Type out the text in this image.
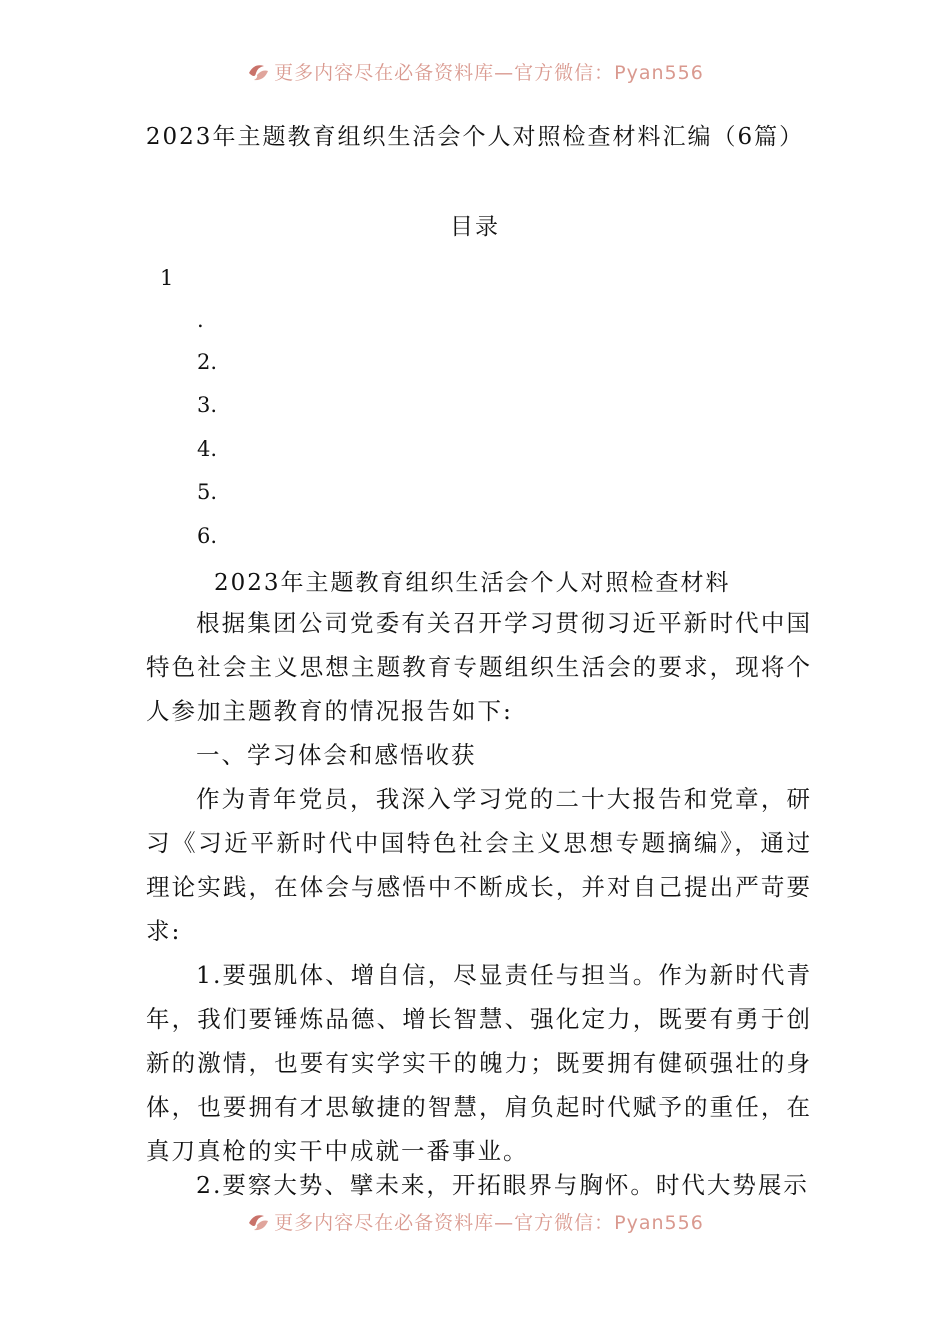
更多内容尽在必备资料库—官方微信：Pyan556
2023年主题教育组织生活会个人对照检查材料汇编（6篇）
目录
1
.
2.
3.
4.
5.
6.
2023年主题教育组织生活会个人对照检查材料

根据集团公司党委有关召开学习贯彻习近平新时代中国特色社会主义思想主题教育专题组织生活会的要求，现将个人参加主题教育的情况报告如下:

一、学习体会和感悟收获

作为青年党员，我深入学习党的二十大报告和党章，研习《习近平新时代中国特色社会主义思想专题摘编》，通过理论实践，在体会与感悟中不断成长，并对自己提出严苛要求:

1.要强肌体、增自信，尽显责任与担当。作为新时代青年，我们要锤炼品德、增长智慧、强化定力，既要有勇于创新的激情，也要有实学实干的魄力；既要拥有健硕强壮的身体，也要拥有才思敏捷的智慧，肩负起时代赋予的重任，在真刀真枪的实干中成就一番事业。

2.要察大势、擘未来，开拓眼界与胸怀。时代大势展示

更多内容尽在必备资料库—官方微信：Pyan556
